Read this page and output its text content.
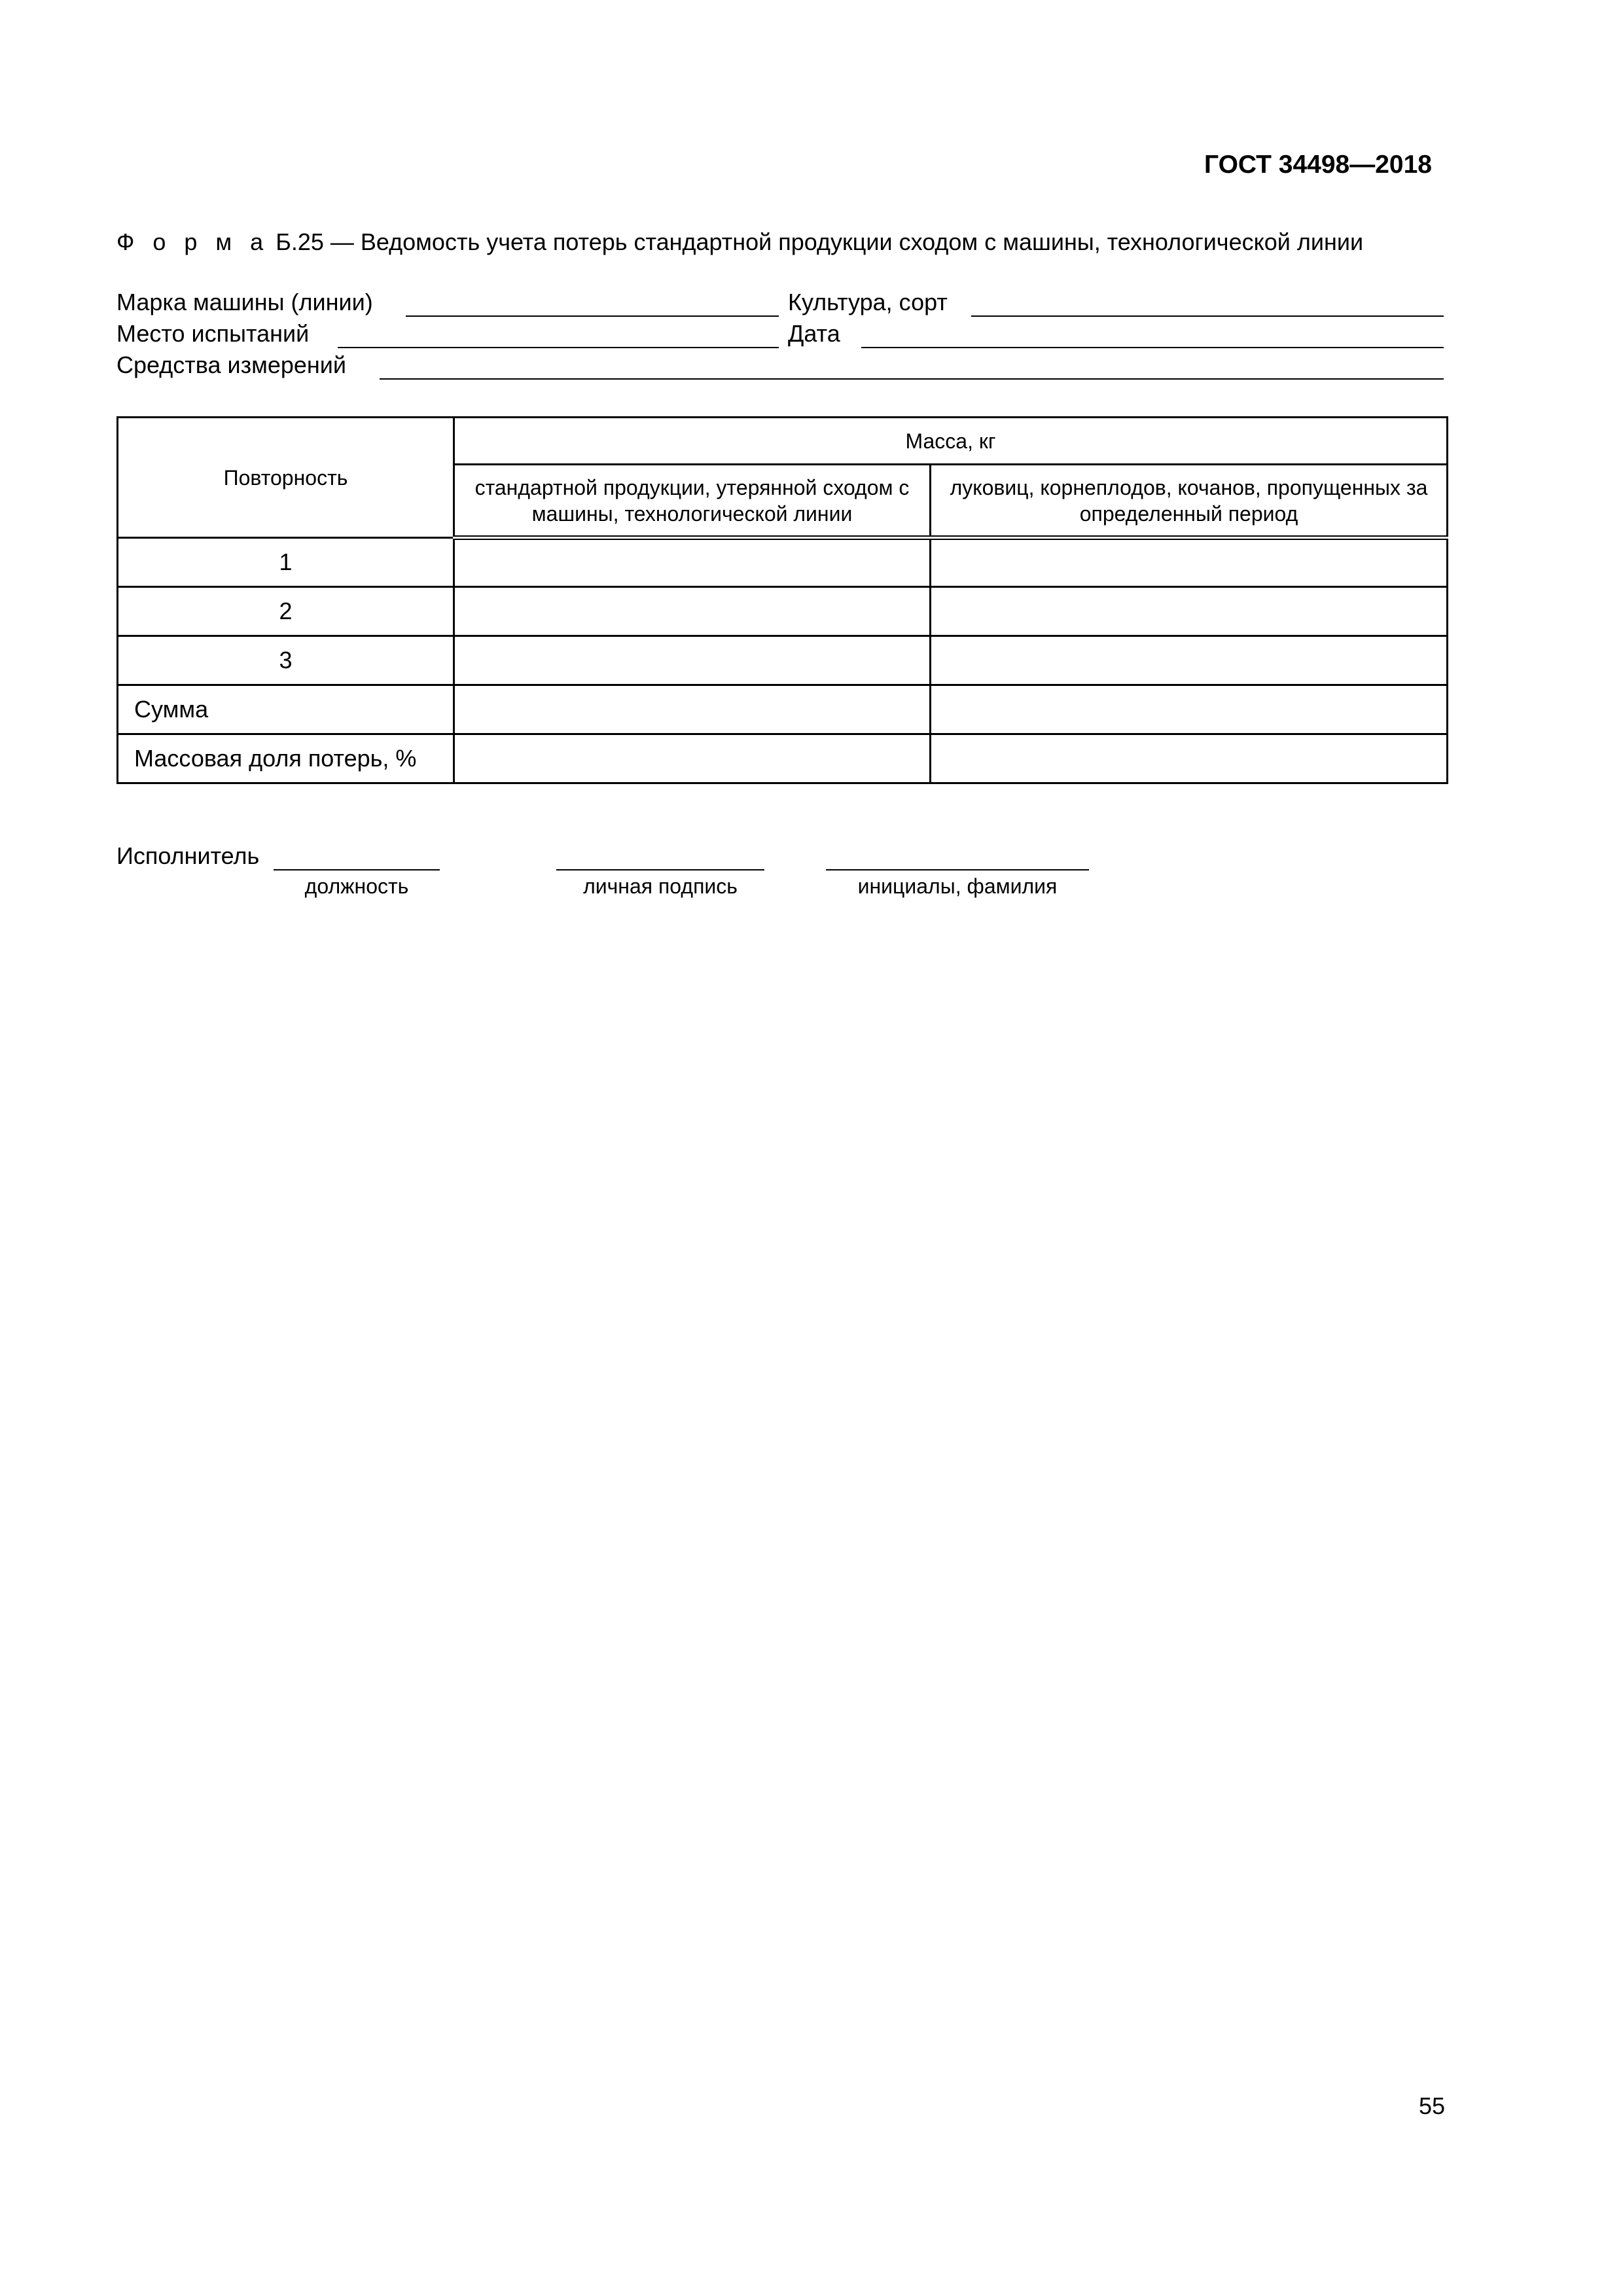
ГОСТ 34498—2018
Ф о р м а Б.25 — Ведомость учета потерь стандартной продукции сходом с машины, технологической линии
Марка машины (линии)	Культура, сорт
Место испытаний	Дата
Средства измерений
Повторность	Масса, кг	
	стандартной продукции, утерянной сходом с машины, технологической линии	луковиц, корнеплодов, кочанов, пропущенных за определенный период
1		
2		
3		
Сумма		
Массовая доля потерь, %		
Исполнитель
должность	личная подпись	инициалы, фамилия
55
